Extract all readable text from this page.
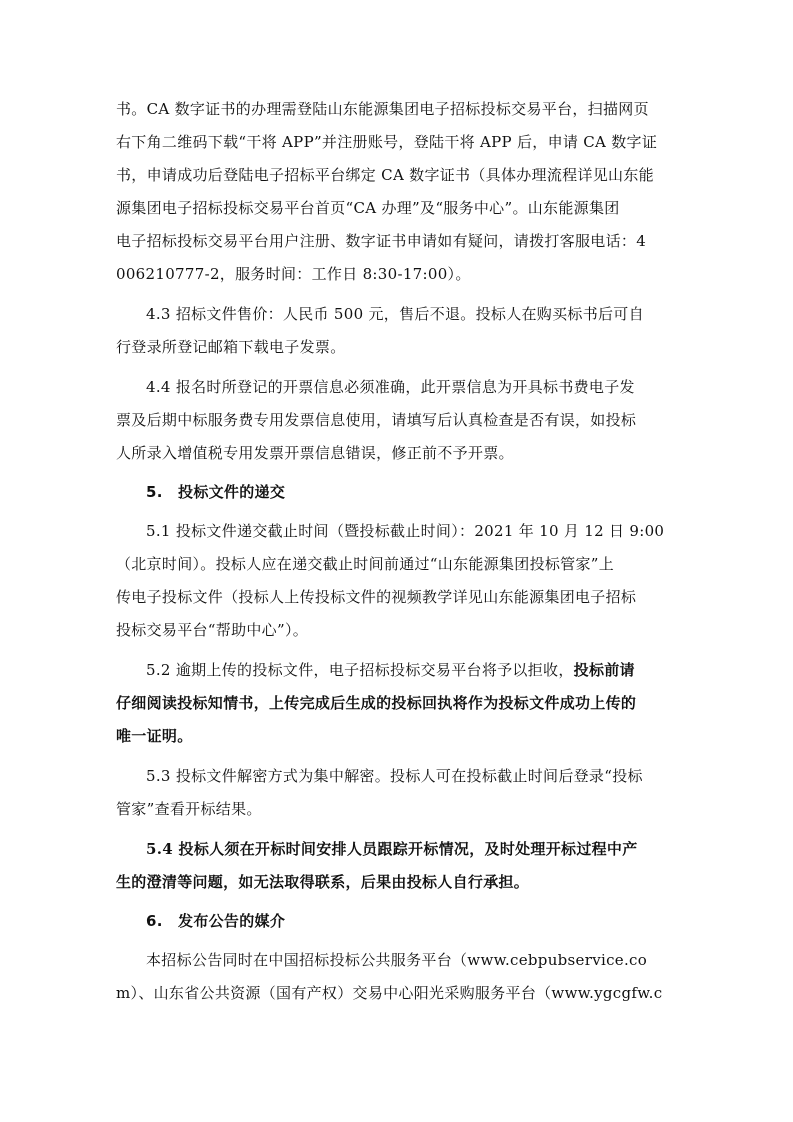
书。CA 数字证书的办理需登陆山东能源集团电子招标投标交易平台，扫描网页
右下角二维码下载“干将 APP”并注册账号，登陆干将 APP 后，申请 CA 数字证
书，申请成功后登陆电子招标平台绑定 CA 数字证书（具体办理流程详见山东能
源集团电子招标投标交易平台首页“CA 办理”及“服务中心”。山东能源集团
电子招标投标交易平台用户注册、数字证书申请如有疑问，请拨打客服电话：4
006210777-2，服务时间：工作日 8:30-17:00）。
4.3 招标文件售价：人民币 500 元，售后不退。投标人在购买标书后可自
行登录所登记邮箱下载电子发票。
4.4 报名时所登记的开票信息必须准确，此开票信息为开具标书费电子发
票及后期中标服务费专用发票信息使用，请填写后认真检查是否有误，如投标
人所录入增值税专用发票开票信息错误，修正前不予开票。
5.　投标文件的递交
5.1 投标文件递交截止时间（暨投标截止时间）：2021 年 10 月 12 日 9:00
（北京时间）。投标人应在递交截止时间前通过“山东能源集团投标管家”上
传电子投标文件（投标人上传投标文件的视频教学详见山东能源集团电子招标
投标交易平台“帮助中心”）。
5.2 逾期上传的投标文件，电子招标投标交易平台将予以拒收，投标前请
仔细阅读投标知情书，上传完成后生成的投标回执将作为投标文件成功上传的
唯一证明。
5.3 投标文件解密方式为集中解密。投标人可在投标截止时间后登录“投标
管家”查看开标结果。
5.4 投标人须在开标时间安排人员跟踪开标情况，及时处理开标过程中产
生的澄清等问题，如无法取得联系，后果由投标人自行承担。
6.　发布公告的媒介
本招标公告同时在中国招标投标公共服务平台（www.cebpubservice.co
m）、山东省公共资源（国有产权）交易中心阳光采购服务平台（www.ygcgfw.c
